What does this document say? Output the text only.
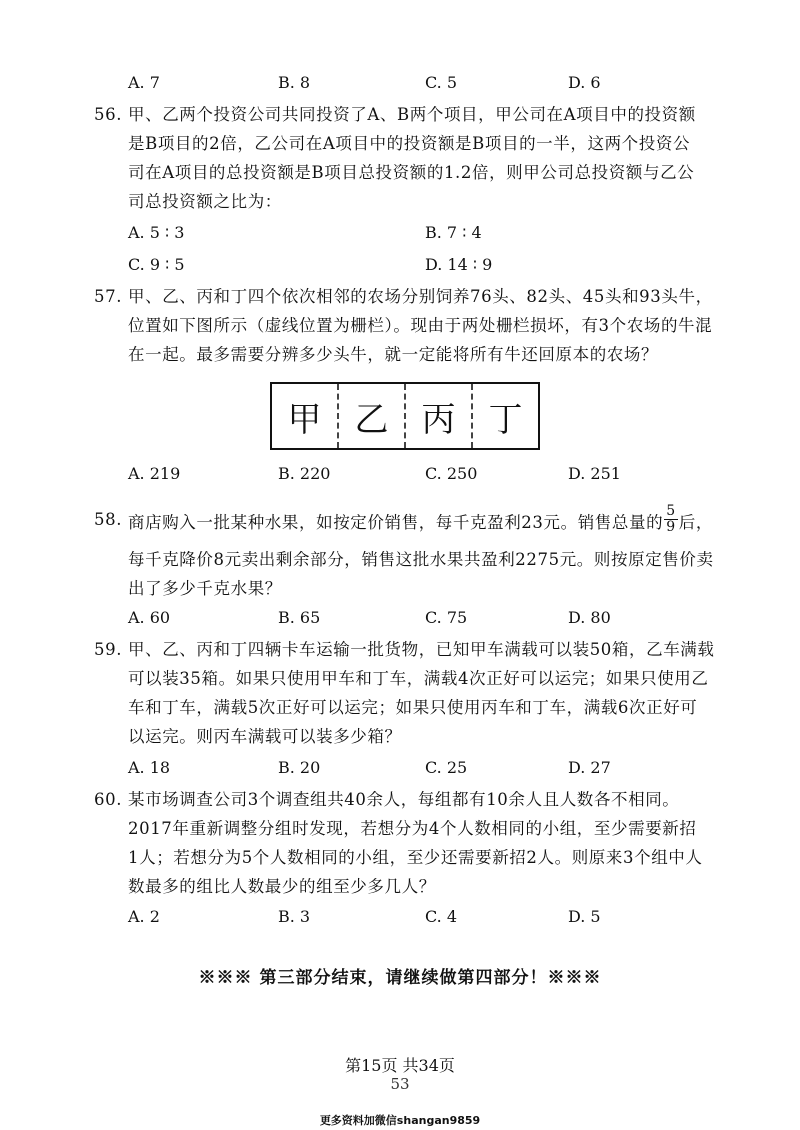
A. 7	B. 8	C. 5	D. 6
56. 甲、乙两个投资公司共同投资了A、B两个项目，甲公司在A项目中的投资额
是B项目的2倍，乙公司在A项目中的投资额是B项目的一半，这两个投资公
司在A项目的总投资额是B项目总投资额的1.2倍，则甲公司总投资额与乙公
司总投资额之比为：
A. 5 ∶ 3	B. 7 ∶ 4
C. 9 ∶ 5	D. 14 ∶ 9
57. 甲、乙、丙和丁四个依次相邻的农场分别饲养76头、82头、45头和93头牛，
位置如下图所示（虚线位置为栅栏）。现由于两处栅栏损坏，有3个农场的牛混
在一起。最多需要分辨多少头牛，就一定能将所有牛还回原本的农场？
甲 乙 丙 丁
A. 219	B. 220	C. 250	D. 251
58. 商店购入一批某种水果，如按定价销售，每千克盈利23元。销售总量的 $\frac{5}{9}$ 后，
每千克降价8元卖出剩余部分，销售这批水果共盈利2275元。则按原定售价卖
出了多少千克水果？
A. 60	B. 65	C. 75	D. 80
59. 甲、乙、丙和丁四辆卡车运输一批货物，已知甲车满载可以装50箱，乙车满载
可以装35箱。如果只使用甲车和丁车，满载4次正好可以运完；如果只使用乙
车和丁车，满载5次正好可以运完；如果只使用丙车和丁车，满载6次正好可
以运完。则丙车满载可以装多少箱？
A. 18	B. 20	C. 25	D. 27
60. 某市场调查公司3个调查组共40余人，每组都有10余人且人数各不相同。
2017年重新调整分组时发现，若想分为4个人数相同的小组，至少需要新招
1人；若想分为5个人数相同的小组，至少还需要新招2人。则原来3个组中人
数最多的组比人数最少的组至少多几人？
A. 2	B. 3	C. 4	D. 5
※※※ 第三部分结束，请继续做第四部分！※※※
第15页 共34页
53
更多资料加微信shangan9859
